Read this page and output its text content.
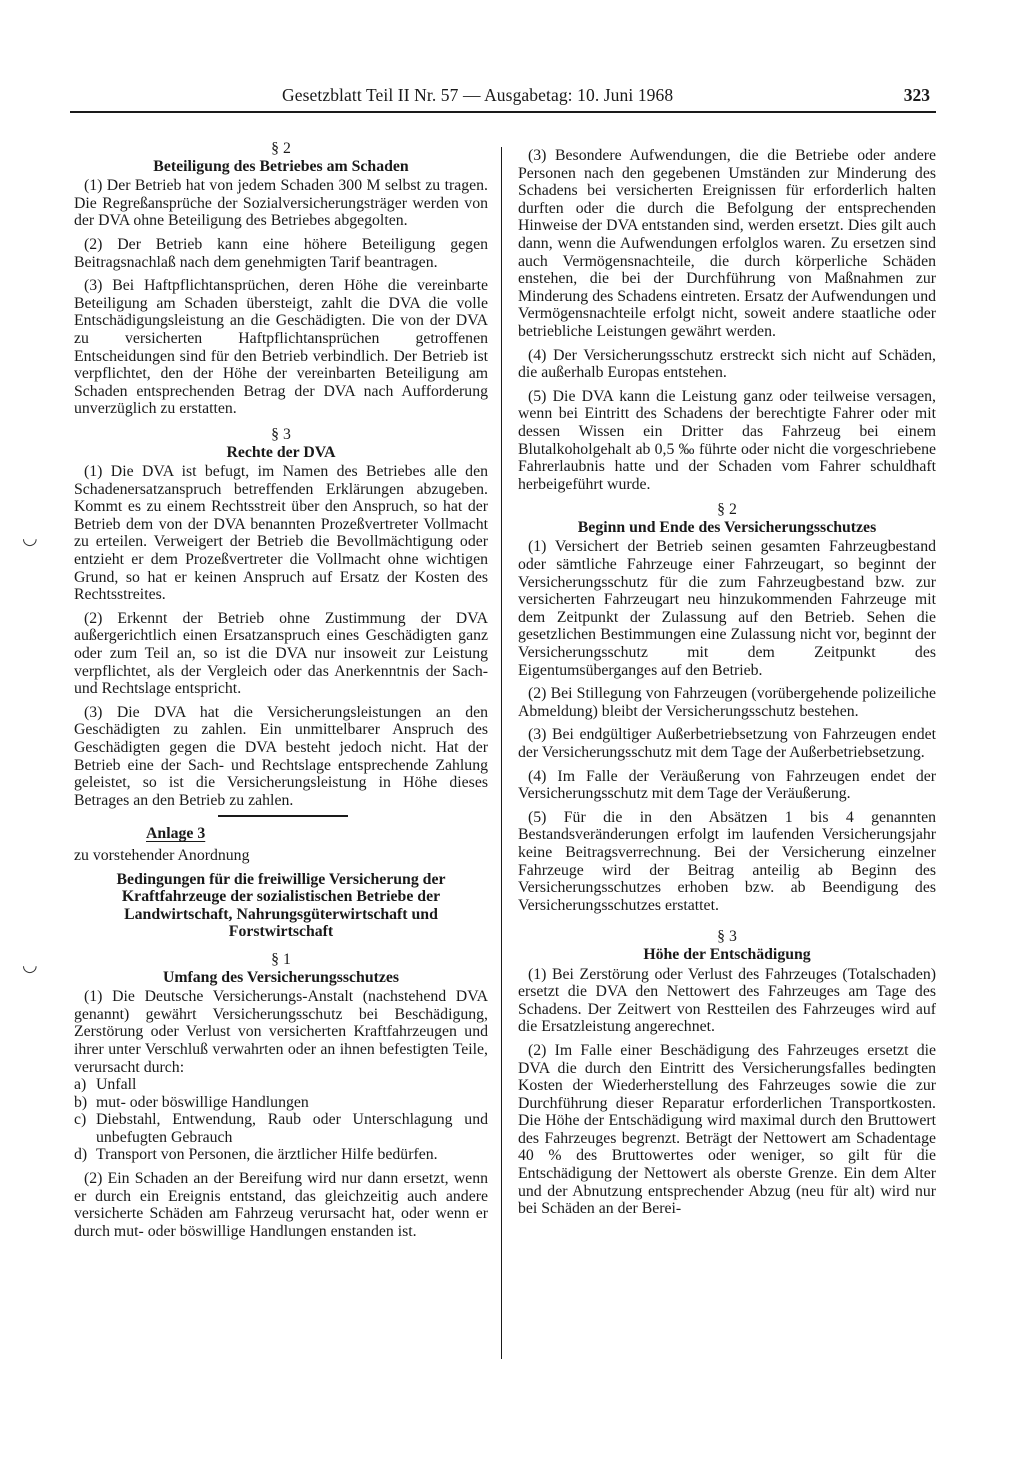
Gesetzblatt Teil II Nr. 57 — Ausgabetag: 10. Juni 1968	323
◡
◡
§ 2
Beteiligung des Betriebes am Schaden

(1) Der Betrieb hat von jedem Schaden 300 M selbst zu tragen. Die Regreßansprüche der Sozialversicherungsträger werden von der DVA ohne Beteiligung des Betriebes abgegolten.

(2) Der Betrieb kann eine höhere Beteiligung gegen Beitragsnachlaß nach dem genehmigten Tarif beantragen.

(3) Bei Haftpflichtansprüchen, deren Höhe die vereinbarte Beteiligung am Schaden übersteigt, zahlt die DVA die volle Entschädigungsleistung an die Geschädigten. Die von der DVA zu versicherten Haftpflichtansprüchen getroffenen Entscheidungen sind für den Betrieb verbindlich. Der Betrieb ist verpflichtet, den der Höhe der vereinbarten Beteiligung am Schaden entsprechenden Betrag der DVA nach Aufforderung unverzüglich zu erstatten.

§ 3
Rechte der DVA

(1) Die DVA ist befugt, im Namen des Betriebes alle den Schadenersatzanspruch betreffenden Erklärungen abzugeben. Kommt es zu einem Rechtsstreit über den Anspruch, so hat der Betrieb dem von der DVA benannten Prozeßvertreter Vollmacht zu erteilen. Verweigert der Betrieb die Bevollmächtigung oder entzieht er dem Prozeßvertreter die Vollmacht ohne wichtigen Grund, so hat er keinen Anspruch auf Ersatz der Kosten des Rechtsstreites.

(2) Erkennt der Betrieb ohne Zustimmung der DVA außergerichtlich einen Ersatzanspruch eines Geschädigten ganz oder zum Teil an, so ist die DVA nur insoweit zur Leistung verpflichtet, als der Vergleich oder das Anerkenntnis der Sach- und Rechtslage entspricht.

(3) Die DVA hat die Versicherungsleistungen an den Geschädigten zu zahlen. Ein unmittelbarer Anspruch des Geschädigten gegen die DVA besteht jedoch nicht. Hat der Betrieb eine der Sach- und Rechtslage entsprechende Zahlung geleistet, so ist die Versicherungsleistung in Höhe dieses Betrages an den Betrieb zu zahlen.

Anlage 3
zu vorstehender Anordnung
Bedingungen für die freiwillige Versicherung der Kraftfahrzeuge der sozialistischen Betriebe der Landwirtschaft, Nahrungsgüterwirtschaft und Forstwirtschaft
§ 1
Umfang des Versicherungsschutzes

(1) Die Deutsche Versicherungs-Anstalt (nachstehend DVA genannt) gewährt Versicherungsschutz bei Beschädigung, Zerstörung oder Verlust von versicherten Kraftfahrzeugen und ihrer unter Verschluß verwahrten oder an ihnen befestigten Teile, verursacht durch:

a) Unfall
b) mut- oder böswillige Handlungen
c) Diebstahl, Entwendung, Raub oder Unterschlagung und unbefugten Gebrauch
d) Transport von Personen, die ärztlicher Hilfe bedürfen.

(2) Ein Schaden an der Bereifung wird nur dann ersetzt, wenn er durch ein Ereignis entstand, das gleichzeitig auch andere versicherte Schäden am Fahrzeug verursacht hat, oder wenn er durch mut- oder böswillige Handlungen enstanden ist.

(3) Besondere Aufwendungen, die die Betriebe oder andere Personen nach den gegebenen Umständen zur Minderung des Schadens bei versicherten Ereignissen für erforderlich halten durften oder die durch die Befolgung der entsprechenden Hinweise der DVA entstanden sind, werden ersetzt. Dies gilt auch dann, wenn die Aufwendungen erfolglos waren. Zu ersetzen sind auch Vermögensnachteile, die durch körperliche Schäden enstehen, die bei der Durchführung von Maßnahmen zur Minderung des Schadens eintreten. Ersatz der Aufwendungen und Vermögensnachteile erfolgt nicht, soweit andere staatliche oder betriebliche Leistungen gewährt werden.

(4) Der Versicherungsschutz erstreckt sich nicht auf Schäden, die außerhalb Europas entstehen.

(5) Die DVA kann die Leistung ganz oder teilweise versagen, wenn bei Eintritt des Schadens der berechtigte Fahrer oder mit dessen Wissen ein Dritter das Fahrzeug bei einem Blutalkoholgehalt ab 0,5 ‰ führte oder nicht die vorgeschriebene Fahrerlaubnis hatte und der Schaden vom Fahrer schuldhaft herbeigeführt wurde.

§ 2
Beginn und Ende des Versicherungsschutzes

(1) Versichert der Betrieb seinen gesamten Fahrzeugbestand oder sämtliche Fahrzeuge einer Fahrzeugart, so beginnt der Versicherungsschutz für die zum Fahrzeugbestand bzw. zur versicherten Fahrzeugart neu hinzukommenden Fahrzeuge mit dem Zeitpunkt der Zulassung auf den Betrieb. Sehen die gesetzlichen Bestimmungen eine Zulassung nicht vor, beginnt der Versicherungsschutz mit dem Zeitpunkt des Eigentumsüberganges auf den Betrieb.

(2) Bei Stillegung von Fahrzeugen (vorübergehende polizeiliche Abmeldung) bleibt der Versicherungsschutz bestehen.

(3) Bei endgültiger Außerbetriebsetzung von Fahrzeugen endet der Versicherungsschutz mit dem Tage der Außerbetriebsetzung.

(4) Im Falle der Veräußerung von Fahrzeugen endet der Versicherungsschutz mit dem Tage der Veräußerung.

(5) Für die in den Absätzen 1 bis 4 genannten Bestandsveränderungen erfolgt im laufenden Versicherungsjahr keine Beitragsverrechnung. Bei der Versicherung einzelner Fahrzeuge wird der Beitrag anteilig ab Beginn des Versicherungsschutzes erhoben bzw. ab Beendigung des Versicherungsschutzes erstattet.

§ 3
Höhe der Entschädigung

(1) Bei Zerstörung oder Verlust des Fahrzeuges (Totalschaden) ersetzt die DVA den Nettowert des Fahrzeuges am Tage des Schadens. Der Zeitwert von Restteilen des Fahrzeuges wird auf die Ersatzleistung angerechnet.

(2) Im Falle einer Beschädigung des Fahrzeuges ersetzt die DVA die durch den Eintritt des Versicherungsfalles bedingten Kosten der Wiederherstellung des Fahrzeuges sowie die zur Durchführung dieser Reparatur erforderlichen Transportkosten. Die Höhe der Entschädigung wird maximal durch den Bruttowert des Fahrzeuges begrenzt. Beträgt der Nettowert am Schadentage 40 % des Bruttowertes oder weniger, so gilt für die Entschädigung der Nettowert als oberste Grenze. Ein dem Alter und der Abnutzung entsprechender Abzug (neu für alt) wird nur bei Schäden an der Berei-
